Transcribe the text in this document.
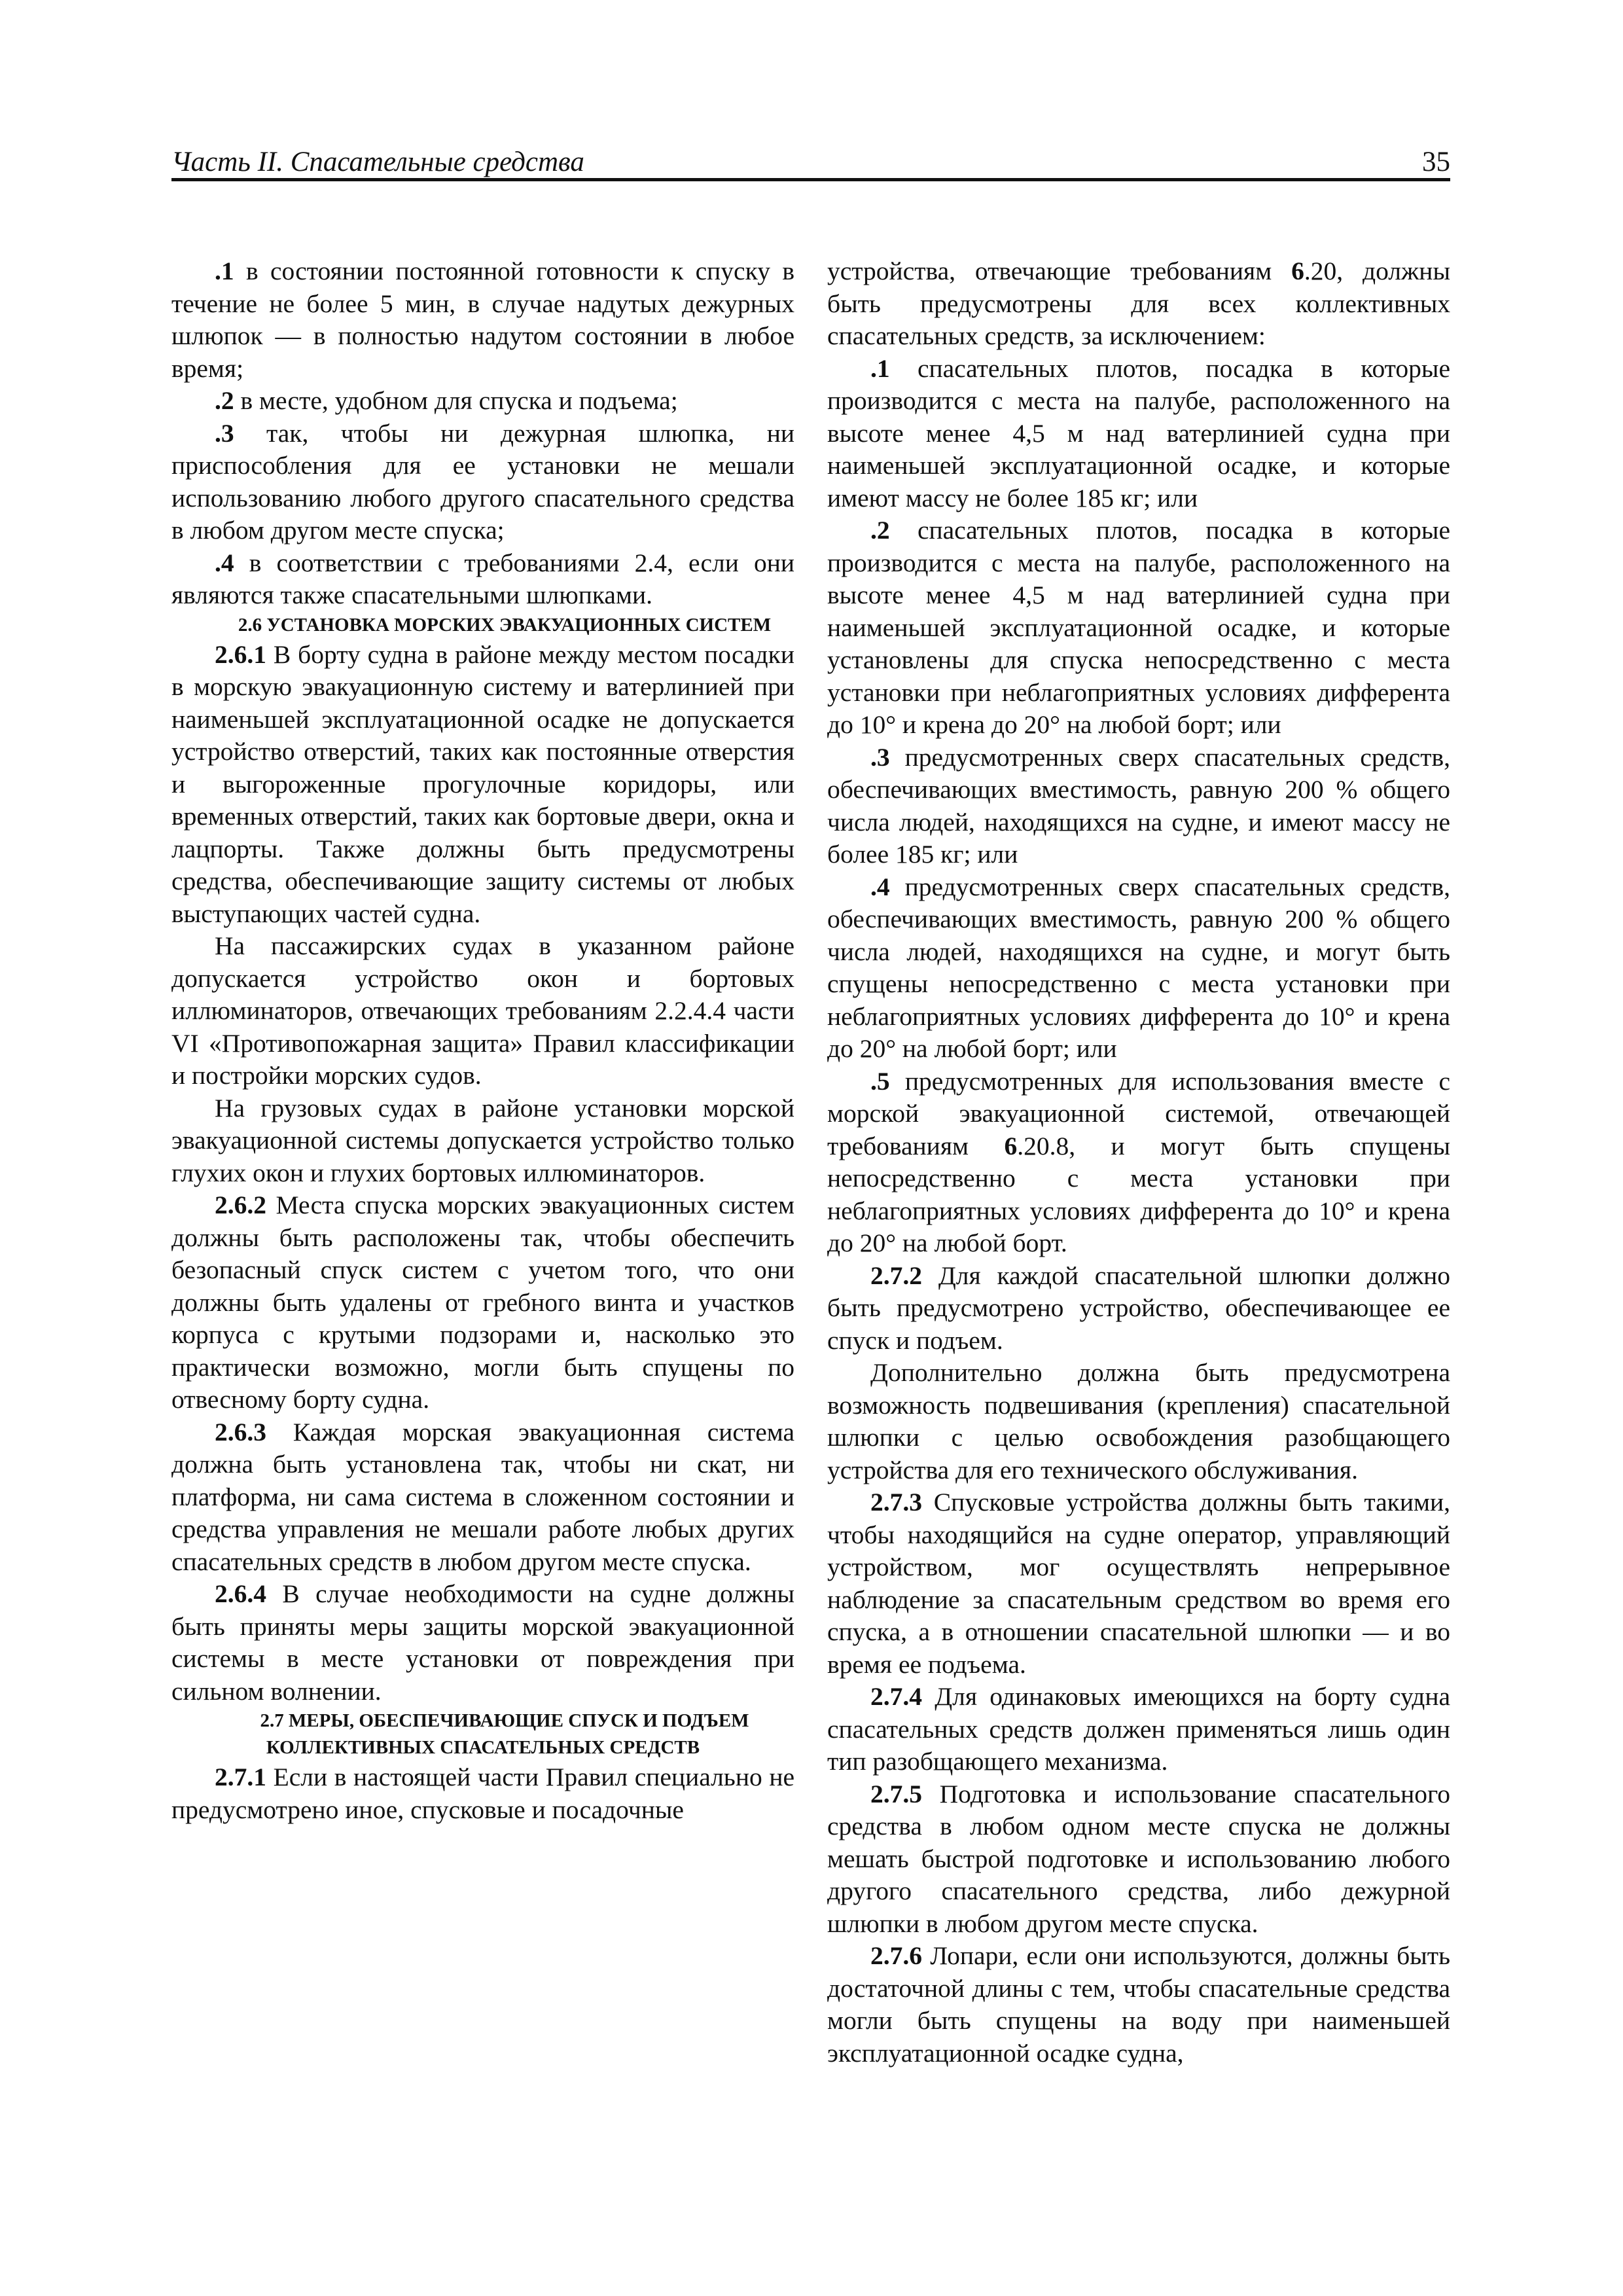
Часть II. Спасательные средства	35

.1 в состоянии постоянной готовности к спуску в течение не более 5 мин, в случае надутых дежурных шлюпок — в полностью надутом состоянии в любое время;

.2 в месте, удобном для спуска и подъема;

.3 так, чтобы ни дежурная шлюпка, ни приспособления для ее установки не мешали использованию любого другого спасательного средства в любом другом месте спуска;

.4 в соответствии с требованиями 2.4, если они являются также спасательными шлюпками.

2.6 УСТАНОВКА МОРСКИХ ЭВАКУАЦИОННЫХ СИСТЕМ

2.6.1 В борту судна в районе между местом посадки в морскую эвакуационную систему и ватерлинией при наименьшей эксплуатационной осадке не допускается устройство отверстий, таких как постоянные отверстия и выгороженные прогулочные коридоры, или временных отверстий, таких как бортовые двери, окна и лацпорты. Также должны быть предусмотрены средства, обеспечивающие защиту системы от любых выступающих частей судна.

На пассажирских судах в указанном районе допускается устройство окон и бортовых иллюминаторов, отвечающих требованиям 2.2.4.4 части VI «Противопожарная защита» Правил классификации и постройки морских судов.

На грузовых судах в районе установки морской эвакуационной системы допускается устройство только глухих окон и глухих бортовых иллюминаторов.

2.6.2 Места спуска морских эвакуационных систем должны быть расположены так, чтобы обеспечить безопасный спуск систем с учетом того, что они должны быть удалены от гребного винта и участков корпуса с крутыми подзорами и, насколько это практически возможно, могли быть спущены по отвесному борту судна.

2.6.3 Каждая морская эвакуационная система должна быть установлена так, чтобы ни скат, ни платформа, ни сама система в сложенном состоянии и средства управления не мешали работе любых других спасательных средств в любом другом месте спуска.

2.6.4 В случае необходимости на судне должны быть приняты меры защиты морской эвакуационной системы в месте установки от повреждения при сильном волнении.

2.7 МЕРЫ, ОБЕСПЕЧИВАЮЩИЕ СПУСК И ПОДЪЕМ КОЛЛЕКТИВНЫХ СПАСАТЕЛЬНЫХ СРЕДСТВ

2.7.1 Если в настоящей части Правил специально не предусмотрено иное, спусковые и посадочные

устройства, отвечающие требованиям 6.20, должны быть предусмотрены для всех коллективных спасательных средств, за исключением:

.1 спасательных плотов, посадка в которые производится с места на палубе, расположенного на высоте менее 4,5 м над ватерлинией судна при наименьшей эксплуатационной осадке, и которые имеют массу не более 185 кг; или

.2 спасательных плотов, посадка в которые производится с места на палубе, расположенного на высоте менее 4,5 м над ватерлинией судна при наименьшей эксплуатационной осадке, и которые установлены для спуска непосредственно с места установки при неблагоприятных условиях дифферента до 10° и крена до 20° на любой борт; или

.3 предусмотренных сверх спасательных средств, обеспечивающих вместимость, равную 200 % общего числа людей, находящихся на судне, и имеют массу не более 185 кг; или

.4 предусмотренных сверх спасательных средств, обеспечивающих вместимость, равную 200 % общего числа людей, находящихся на судне, и могут быть спущены непосредственно с места установки при неблагоприятных условиях дифферента до 10° и крена до 20° на любой борт; или

.5 предусмотренных для использования вместе с морской эвакуационной системой, отвечающей требованиям 6.20.8, и могут быть спущены непосредственно с места установки при неблагоприятных условиях дифферента до 10° и крена до 20° на любой борт.

2.7.2 Для каждой спасательной шлюпки должно быть предусмотрено устройство, обеспечивающее ее спуск и подъем.

Дополнительно должна быть предусмотрена возможность подвешивания (крепления) спасательной шлюпки с целью освобождения разобщающего устройства для его технического обслуживания.

2.7.3 Спусковые устройства должны быть такими, чтобы находящийся на судне оператор, управляющий устройством, мог осуществлять непрерывное наблюдение за спасательным средством во время его спуска, а в отношении спасательной шлюпки — и во время ее подъема.

2.7.4 Для одинаковых имеющихся на борту судна спасательных средств должен применяться лишь один тип разобщающего механизма.

2.7.5 Подготовка и использование спасательного средства в любом одном месте спуска не должны мешать быстрой подготовке и использованию любого другого спасательного средства, либо дежурной шлюпки в любом другом месте спуска.

2.7.6 Лопари, если они используются, должны быть достаточной длины с тем, чтобы спасательные средства могли быть спущены на воду при наименьшей эксплуатационной осадке судна,
